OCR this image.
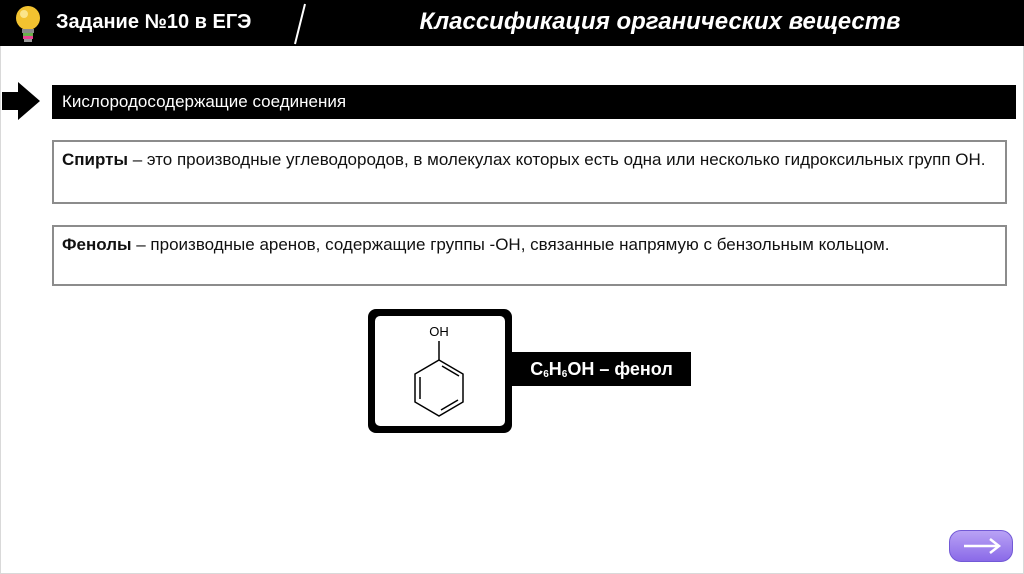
Задание №10 в ЕГЭ	Классификация органических веществ
Кислородосодержащие соединения
Спирты – это производные углеводородов, в молекулах которых есть одна или несколько гидроксильных групп ОН.
Фенолы – производные аренов, содержащие группы -ОН, связанные напрямую с бензольным кольцом.
OH
$C_6H_6OH$ – фенол
